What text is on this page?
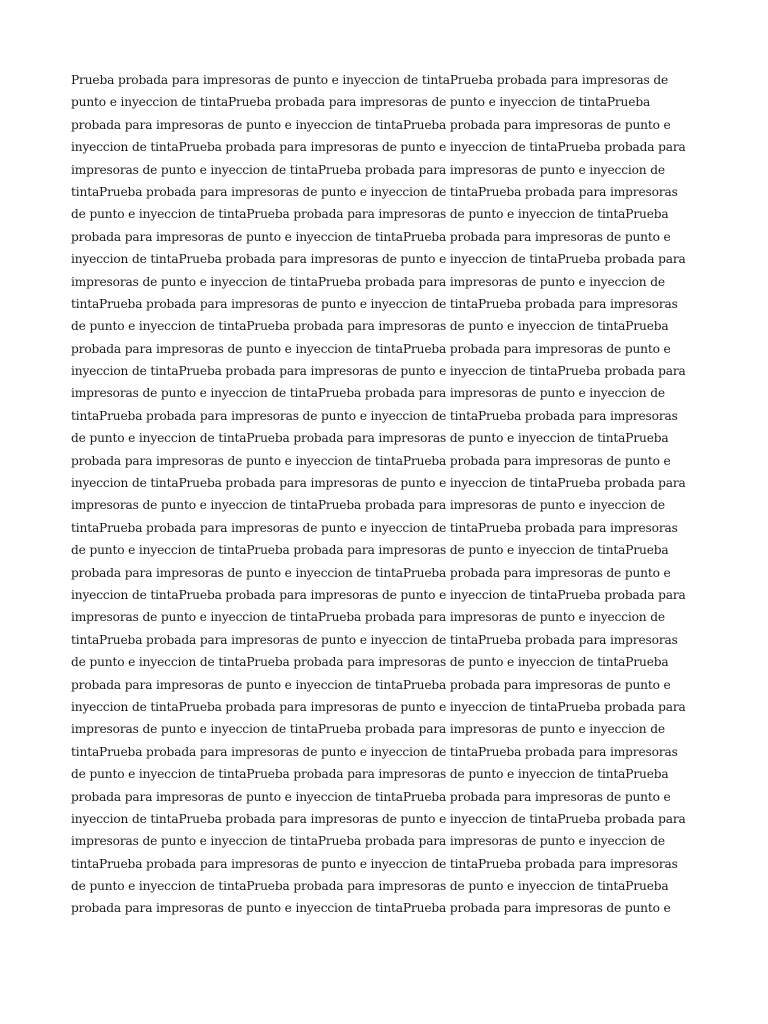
Prueba probada para impresoras de punto e inyeccion de tintaPrueba probada para impresoras de
punto e inyeccion de tintaPrueba probada para impresoras de punto e inyeccion de tintaPrueba
probada para impresoras de punto e inyeccion de tintaPrueba probada para impresoras de punto e
inyeccion de tintaPrueba probada para impresoras de punto e inyeccion de tintaPrueba probada para
impresoras de punto e inyeccion de tintaPrueba probada para impresoras de punto e inyeccion de
tintaPrueba probada para impresoras de punto e inyeccion de tintaPrueba probada para impresoras
de punto e inyeccion de tintaPrueba probada para impresoras de punto e inyeccion de tintaPrueba
probada para impresoras de punto e inyeccion de tintaPrueba probada para impresoras de punto e
inyeccion de tintaPrueba probada para impresoras de punto e inyeccion de tintaPrueba probada para
impresoras de punto e inyeccion de tintaPrueba probada para impresoras de punto e inyeccion de
tintaPrueba probada para impresoras de punto e inyeccion de tintaPrueba probada para impresoras
de punto e inyeccion de tintaPrueba probada para impresoras de punto e inyeccion de tintaPrueba
probada para impresoras de punto e inyeccion de tintaPrueba probada para impresoras de punto e
inyeccion de tintaPrueba probada para impresoras de punto e inyeccion de tintaPrueba probada para
impresoras de punto e inyeccion de tintaPrueba probada para impresoras de punto e inyeccion de
tintaPrueba probada para impresoras de punto e inyeccion de tintaPrueba probada para impresoras
de punto e inyeccion de tintaPrueba probada para impresoras de punto e inyeccion de tintaPrueba
probada para impresoras de punto e inyeccion de tintaPrueba probada para impresoras de punto e
inyeccion de tintaPrueba probada para impresoras de punto e inyeccion de tintaPrueba probada para
impresoras de punto e inyeccion de tintaPrueba probada para impresoras de punto e inyeccion de
tintaPrueba probada para impresoras de punto e inyeccion de tintaPrueba probada para impresoras
de punto e inyeccion de tintaPrueba probada para impresoras de punto e inyeccion de tintaPrueba
probada para impresoras de punto e inyeccion de tintaPrueba probada para impresoras de punto e
inyeccion de tintaPrueba probada para impresoras de punto e inyeccion de tintaPrueba probada para
impresoras de punto e inyeccion de tintaPrueba probada para impresoras de punto e inyeccion de
tintaPrueba probada para impresoras de punto e inyeccion de tintaPrueba probada para impresoras
de punto e inyeccion de tintaPrueba probada para impresoras de punto e inyeccion de tintaPrueba
probada para impresoras de punto e inyeccion de tintaPrueba probada para impresoras de punto e
inyeccion de tintaPrueba probada para impresoras de punto e inyeccion de tintaPrueba probada para
impresoras de punto e inyeccion de tintaPrueba probada para impresoras de punto e inyeccion de
tintaPrueba probada para impresoras de punto e inyeccion de tintaPrueba probada para impresoras
de punto e inyeccion de tintaPrueba probada para impresoras de punto e inyeccion de tintaPrueba
probada para impresoras de punto e inyeccion de tintaPrueba probada para impresoras de punto e
inyeccion de tintaPrueba probada para impresoras de punto e inyeccion de tintaPrueba probada para
impresoras de punto e inyeccion de tintaPrueba probada para impresoras de punto e inyeccion de
tintaPrueba probada para impresoras de punto e inyeccion de tintaPrueba probada para impresoras
de punto e inyeccion de tintaPrueba probada para impresoras de punto e inyeccion de tintaPrueba
probada para impresoras de punto e inyeccion de tintaPrueba probada para impresoras de punto e
